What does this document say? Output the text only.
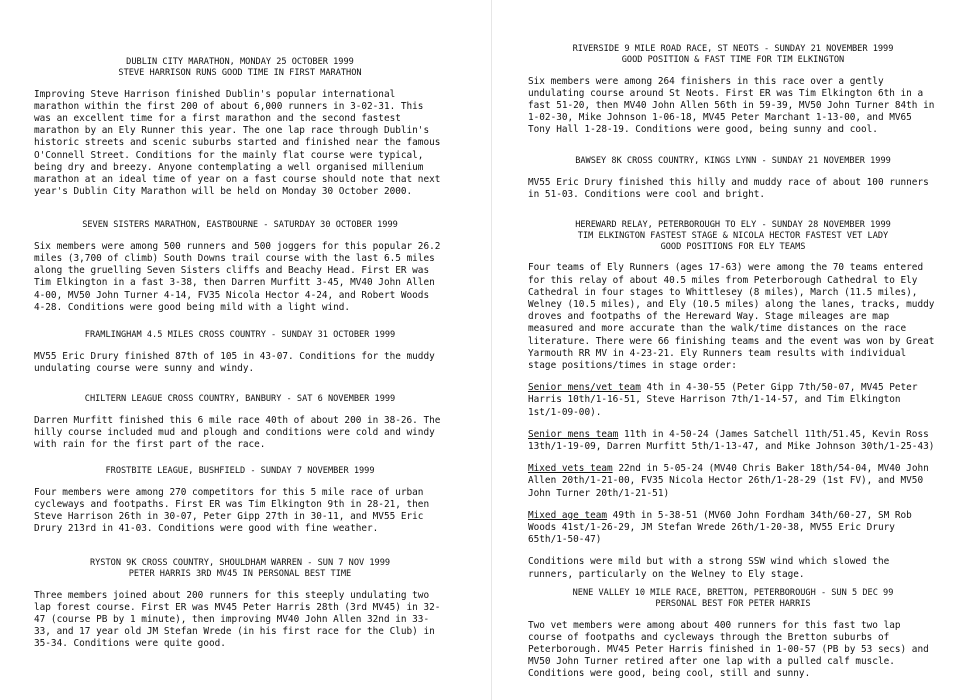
DUBLIN CITY MARATHON, MONDAY 25 OCTOBER 1999

STEVE HARRISON RUNS GOOD TIME IN FIRST MARATHON

Improving Steve Harrison finished Dublin's popular international marathon within the first 200 of about 6,000 runners in 3-02-31. This was an excellent time for a first marathon and the second fastest marathon by an Ely Runner this year. The one lap race through Dublin's historic streets and scenic suburbs started and finished near the famous O'Connell Street. Conditions for the mainly flat course were typical, being dry and breezy. Anyone contemplating a well organised millenium marathon at an ideal time of year on a fast course should note that next year's Dublin City Marathon will be held on Monday 30 October 2000.

SEVEN SISTERS MARATHON, EASTBOURNE - SATURDAY 30 OCTOBER 1999

Six members were among 500 runners and 500 joggers for this popular 26.2 miles (3,700 of climb) South Downs trail course with the last 6.5 miles along the gruelling Seven Sisters cliffs and Beachy Head. First ER was Tim Elkington in a fast 3-38, then Darren Murfitt 3-45, MV40 John Allen 4-00, MV50 John Turner 4-14, FV35 Nicola Hector 4-24, and Robert Woods 4-28. Conditions were good being mild with a light wind.

FRAMLINGHAM 4.5 MILES CROSS COUNTRY - SUNDAY 31 OCTOBER 1999

MV55 Eric Drury finished 87th of 105 in 43-07. Conditions for the muddy undulating course were sunny and windy.

CHILTERN LEAGUE CROSS COUNTRY, BANBURY - SAT 6 NOVEMBER 1999

Darren Murfitt finished this 6 mile race 40th of about 200 in 38-26. The hilly course included mud and plough and conditions were cold and windy with rain for the first part of the race.

FROSTBITE LEAGUE, BUSHFIELD - SUNDAY 7 NOVEMBER 1999

Four members were among 270 competitors for this 5 mile race of urban cycleways and footpaths. First ER was Tim Elkington 9th in 28-21, then Steve Harrison 26th in 30-07, Peter Gipp 27th in 30-11, and MV55 Eric Drury 213rd in 41-03. Conditions were good with fine weather.

RYSTON 9K CROSS COUNTRY, SHOULDHAM WARREN - SUN 7 NOV 1999

PETER HARRIS 3RD MV45 IN PERSONAL BEST TIME

Three members joined about 200 runners for this steeply undulating two lap forest course. First ER was MV45 Peter Harris 28th (3rd MV45) in 32-47 (course PB by 1 minute), then improving MV40 John Allen 32nd in 33-33, and 17 year old JM Stefan Wrede (in his first race for the Club) in 35-34. Conditions were quite good.

RIVERSIDE 9 MILE ROAD RACE, ST NEOTS - SUNDAY 21 NOVEMBER 1999

GOOD POSITION & FAST TIME FOR TIM ELKINGTON

Six members were among 264 finishers in this race over a gently undulating course around St Neots. First ER was Tim Elkington 6th in a fast 51-20, then MV40 John Allen 56th in 59-39, MV50 John Turner 84th in 1-02-30, Mike Johnson 1-06-18, MV45 Peter Marchant 1-13-00, and MV65 Tony Hall 1-28-19. Conditions were good, being sunny and cool.

BAWSEY 8K CROSS COUNTRY, KINGS LYNN - SUNDAY 21 NOVEMBER 1999

MV55 Eric Drury finished this hilly and muddy race of about 100 runners in 51-03. Conditions were cool and bright.

HEREWARD RELAY, PETERBOROUGH TO ELY - SUNDAY 28 NOVEMBER 1999

TIM ELKINGTON FASTEST STAGE & NICOLA HECTOR FASTEST VET LADY

GOOD POSITIONS FOR ELY TEAMS

Four teams of Ely Runners (ages 17-63) were among the 70 teams entered for this relay of about 40.5 miles from Peterborough Cathedral to Ely Cathedral in four stages to Whittlesey (8 miles), March (11.5 miles), Welney (10.5 miles), and Ely (10.5 miles) along the lanes, tracks, muddy droves and footpaths of the Hereward Way. Stage mileages are map measured and more accurate than the walk/time distances on the race literature. There were 66 finishing teams and the event was won by Great Yarmouth RR MV in 4-23-21. Ely Runners team results with individual stage positions/times in stage order:

Senior mens/vet team 4th in 4-30-55 (Peter Gipp 7th/50-07, MV45 Peter Harris 10th/1-16-51, Steve Harrison 7th/1-14-57, and Tim Elkington 1st/1-09-00).

Senior mens team 11th in 4-50-24 (James Satchell 11th/51.45, Kevin Ross 13th/1-19-09, Darren Murfitt 5th/1-13-47, and Mike Johnson 30th/1-25-43)

Mixed vets team 22nd in 5-05-24 (MV40 Chris Baker 18th/54-04, MV40 John Allen 20th/1-21-00, FV35 Nicola Hector 26th/1-28-29 (1st FV), and MV50 John Turner 20th/1-21-51)

Mixed age team 49th in 5-38-51 (MV60 John Fordham 34th/60-27, SM Rob Woods 41st/1-26-29, JM Stefan Wrede 26th/1-20-38, MV55 Eric Drury 65th/1-50-47)

Conditions were mild but with a strong SSW wind which slowed the runners, particularly on the Welney to Ely stage.

NENE VALLEY 10 MILE RACE, BRETTON, PETERBOROUGH - SUN 5 DEC 99

PERSONAL BEST FOR PETER HARRIS

Two vet members were among about 400 runners for this fast two lap course of footpaths and cycleways through the Bretton suburbs of Peterborough. MV45 Peter Harris finished in 1-00-57 (PB by 53 secs) and MV50 John Turner retired after one lap with a pulled calf muscle. Conditions were good, being cool, still and sunny.
